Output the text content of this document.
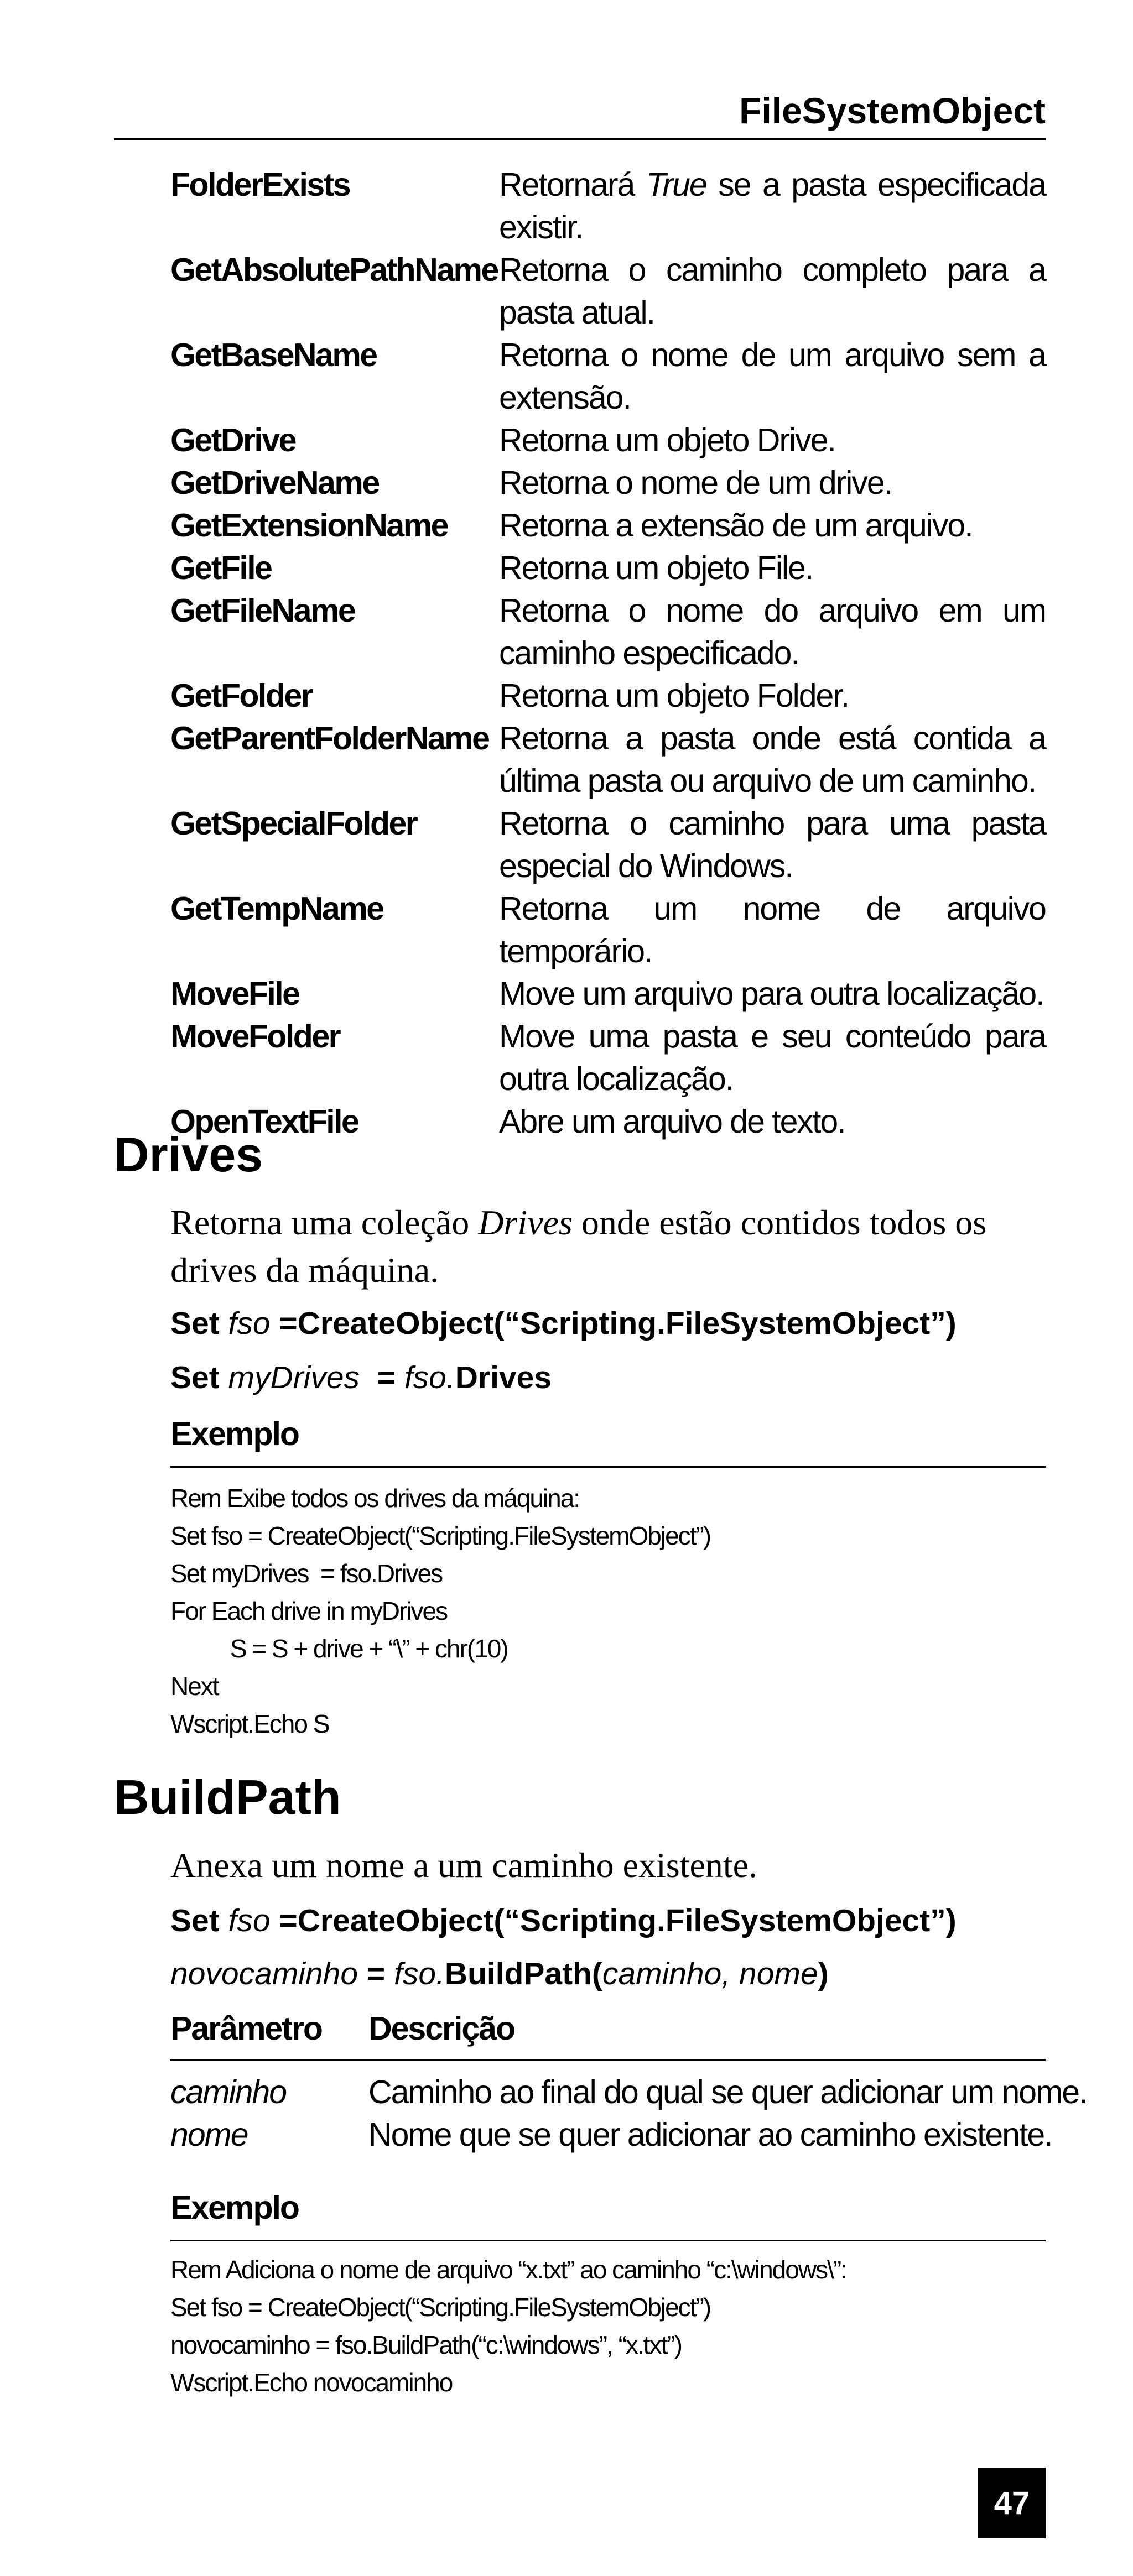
FileSystemObject
FolderExists	Retornará True se a pasta especificada existir.
GetAbsolutePathName Retorna o caminho completo para a pasta atual.
GetBaseName	Retorna o nome de um arquivo sem a extensão.
GetDrive	Retorna um objeto Drive.
GetDriveName	Retorna o nome de um drive.
GetExtensionName	Retorna a extensão de um arquivo.
GetFile	Retorna um objeto File.
GetFileName	Retorna o nome do arquivo em um caminho especificado.
GetFolder	Retorna um objeto Folder.
GetParentFolderName Retorna a pasta onde está contida a última pasta ou arquivo de um caminho.
GetSpecialFolder	Retorna o caminho para uma pasta especial do Windows.
GetTempName	Retorna um nome de arquivo temporário.
MoveFile	Move um arquivo para outra localização.
MoveFolder	Move uma pasta e seu conteúdo para outra localização.
OpenTextFile	Abre um arquivo de texto.
Drives
Retorna uma coleção Drives onde estão contidos todos os drives da máquina.
Set fso =CreateObject(“Scripting.FileSystemObject”)
Set myDrives  = fso.Drives
Exemplo
Rem Exibe todos os drives da máquina:
Set fso = CreateObject(“Scripting.FileSystemObject”)
Set myDrives  = fso.Drives
For Each drive in myDrives
S = S + drive + “\” + chr(10)
Next
Wscript.Echo S
BuildPath
Anexa um nome a um caminho existente.
Set fso =CreateObject(“Scripting.FileSystemObject”)
novocaminho = fso.BuildPath(caminho, nome)
Parâmetro Descrição
caminho	Caminho ao final do qual se quer adicionar um nome.
nome	Nome que se quer adicionar ao caminho existente.
Exemplo
Rem Adiciona o nome de arquivo “x.txt” ao caminho “c:\windows\”:
Set fso = CreateObject(“Scripting.FileSystemObject”)
novocaminho = fso.BuildPath(“c:\windows”, “x.txt”)
Wscript.Echo novocaminho
47
